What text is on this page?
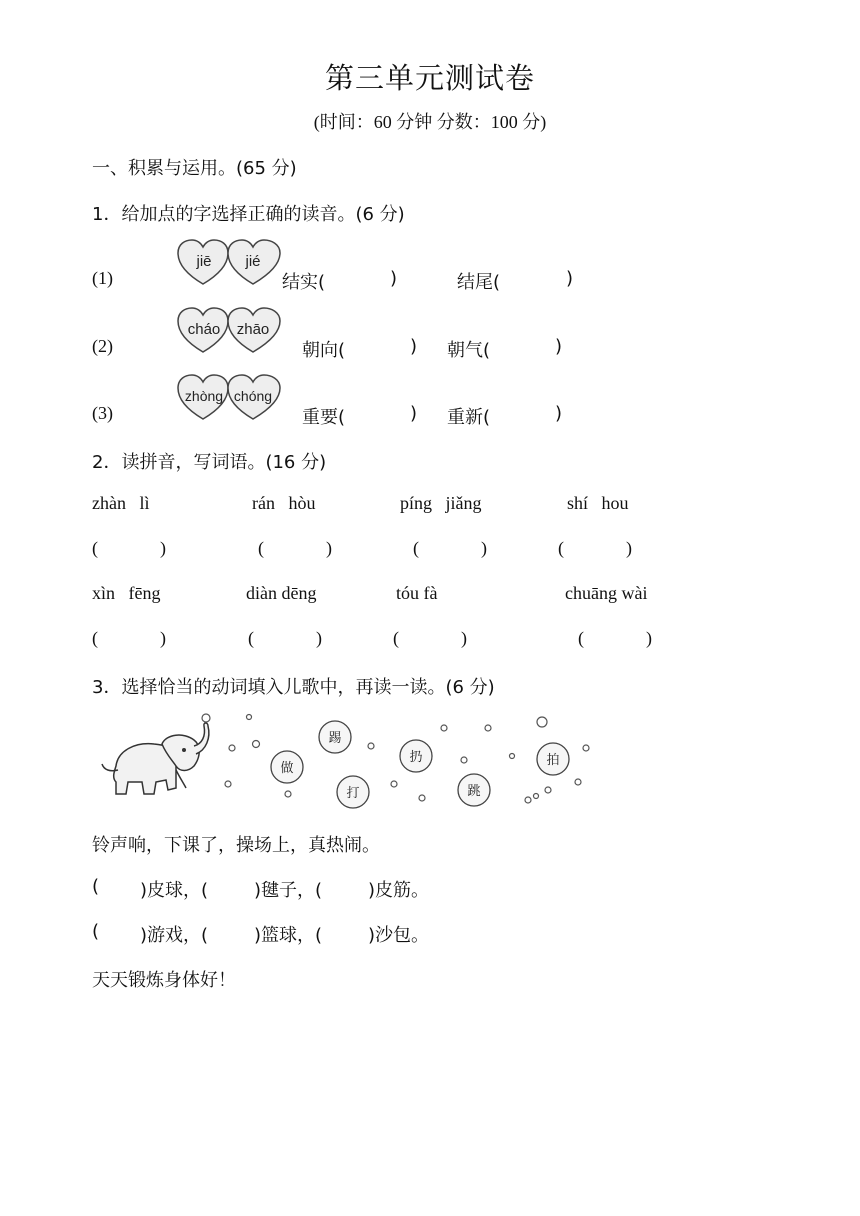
第三单元测试卷
(时间：60 分钟 分数：100 分)
一、积累与运用。(65 分)
1．给加点的字选择正确的读音。(6 分)
(1)
jiē jié
结实(	)	结尾(	)
(2)
cháo zhāo
朝向(	) 朝气(	)
(3)
zhòng chóng
重要(	) 重新(	)
2．读拼音，写词语。(16 分)
zhàn   lì	rán   hòu	píng   jiǎng	shí   hou
(	)	(	)	(	)	(	)
xìn   fēng	diàn dēng	tóu fà	chuāng wài
(	)	(	)	(	)	(	)
3．选择恰当的动词填入儿歌中，再读一读。(6 分)
踢
做
打
扔
跳
拍
铃声响，下课了，操场上，真热闹。
( )皮球，(	)毽子，(	)皮筋。
( )游戏，(	)篮球，(	)沙包。
天天锻炼身体好！
